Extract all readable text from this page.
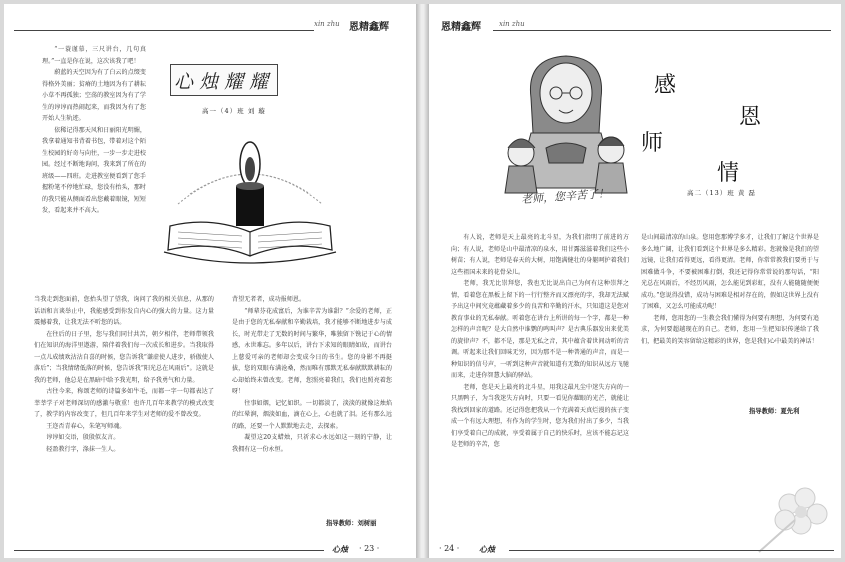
xin zhu 恩精鑫辉

“一蓑谨慕，三尺讲台，几句真理。”一直是你在说，这次该我了吧！

蔚蓝的天空因为有了白云的点缀变得格外美丽；贫瘠的土地因为有了耕耘小草不再孤独；空荡的教室因为有了学生的谆谆而热闹起来，而我因为有了您开始人生轨迹。

依稀记得那天风和日丽阳光明媚，我拿着通知书背着书包，带着对这个陌生校园的好奇与向往，一步一步走进校园。经过不断地询问，我来到了所在的班级——四班。走进教室便看到了您手握粉笔不停地忙碌，您没有抬头，那时的我只能从侧面看出您戴着眼镜，短短发，看起来并不高大。

心烛耀耀
高一（4）班 刘 璇

当我走到您面前，您抬头望了望我，询问了我的相关信息，从那的话语和言谈举止中，我能感受到你发自内心的强大的力量。这力量震撼着我，让我无法不听您的话。

在往后的日子里，您与我们同甘共苦，朝夕相伴，老师带领我们在知识的海洋里遨游，陪伴着我们每一次成长和进步。当我取得一点儿成绩欢沾沾自喜的时候，您告诉我“谦虚使人进步，骄傲使人落后”；当我情绪低落的时候，您告诉我“阳光总在风雨后”。这就是我的老师，他总是在黑暗中给予我光明，给予我勇气和力量。

古往今来，称颂老师的诗篇多如牛毛，而都一字一句都表达了莘莘学子对老师深切的感激与敬重！也许几百年来教学的模式改变了，教学的内容改变了，但几百年来学生对老师的爱不曾改变。

王迩否青春心，朱笔写师魂。

谆谆如交语，殷殷似友言。

轻盈教行字，涤抹一生人。

背望无者者，成功报师恩。

“师辈芬花成富后，为谁辛苦为谁甜？”余爱的老师，正是由于您的无私奉献和辛勤栽培，我才能够不断地进步与成长，时光带走了无数的时间与繁华，唯独留下镌记于心的情感，永世难忘。多年以后，讲台下求知的眼睛如故，而讲台上慈爱可亲的老师却会变成今日的书生。您的身影不再挺拔，您的双眼布满沧桑，然而唯有那默无私奉献默默耕耘的心却始终未曾改变。老师，您照亮着我们，我们也照亮着您呀！

往事如烟，记忆如织。一切都淡了，淡淡的就像这烛焰的红晕涧，烟淡如血，滴在心上，心也就了泪。还有那么远的路，还要一个人默默地去走，去探索。

凝望这20支蜡烛，只祈求心永远如这一刻的宁静，让我拥有这一份永恒。

指导教师：刘树丽
心烛 · 23 ·
恩精鑫辉	xin zhu
老师，您辛苦了！
感
恩
师
情
高二（13）班 黄 磊

有人说，老师是天上最亮的北斗星，为我们指明了前进的方向；有人说，老师是山中最清凉的泉水，用甘露滋滋着我们这些小树苗；有人说，老师是春天的大树，用饱满健壮的身躯呵护着我们这些祖国未来的花骨朵儿。

老师，我无比崇拜您，我也无比说出自己为何有这种崇拜之情，看着您在黑板上留下的一行行整齐而又漂亮的字，我却无法赋予出这中间究竟蕴藏着多少的良苦和辛勤的汗水，只知道这是您对教育事业的无私奉献。听着您在讲台上所讲的每一个字，都是一种怎样的声音呢？是大自然中谁鹦的鸣叫声？是古典乐器发出来优美的旋律声？不，都不是，那是无私之音，其中蕴含着世间动听的音调。听起来让我们回味无穷，因为那不是一种普通的声音，而是一种知识的信号声，一听到这种声音就知道有无数的知识从远方飞驰而来，走进你智慧大脑的驿站。

老师，您是天上最亮的北斗星，用我这最凡尘中迷失方向的一只黑鸭子，为当我迷失方向时，只要一看见你耀眼的光芒，就能让我找到回家的道路。还记得您把我从一个充满着天真烂漫的孩子变成一个有远大理想，有作为的学生时，您为我们付出了多少，当我们享受着自己的成就，享受着属于自己的快乐时，应该不能忘记这是老师的辛苦，您

是山间最清凉的山泉。您用您那博学多才，让我们了解这个世界是多么地广阔，让我们看到这个世界是多么精彩。您就像是我们的望远镜，让我们看得更远，看得更清。老师，你常常教我们要勇于与困难做斗争，不要被困难打倒，我还记得你常常说的那句话，“阳光总在风雨后，不经历风雨，怎么能见到彩虹，没有人能随随便便成功。”您说得没错，成功与困难是相对存在的，假如这世界上没有了困难，又怎么可能成功呢！

老师，您用您的一生教会我们懂得为何要有理想，为何要有追求，为何要超越现在的自己。老师，您用一生把知识传递给了我们，把最美的笑容留给这精彩的世界，您是我们心中最美的神话！

指导教师：夏先利
· 24 · 心烛
